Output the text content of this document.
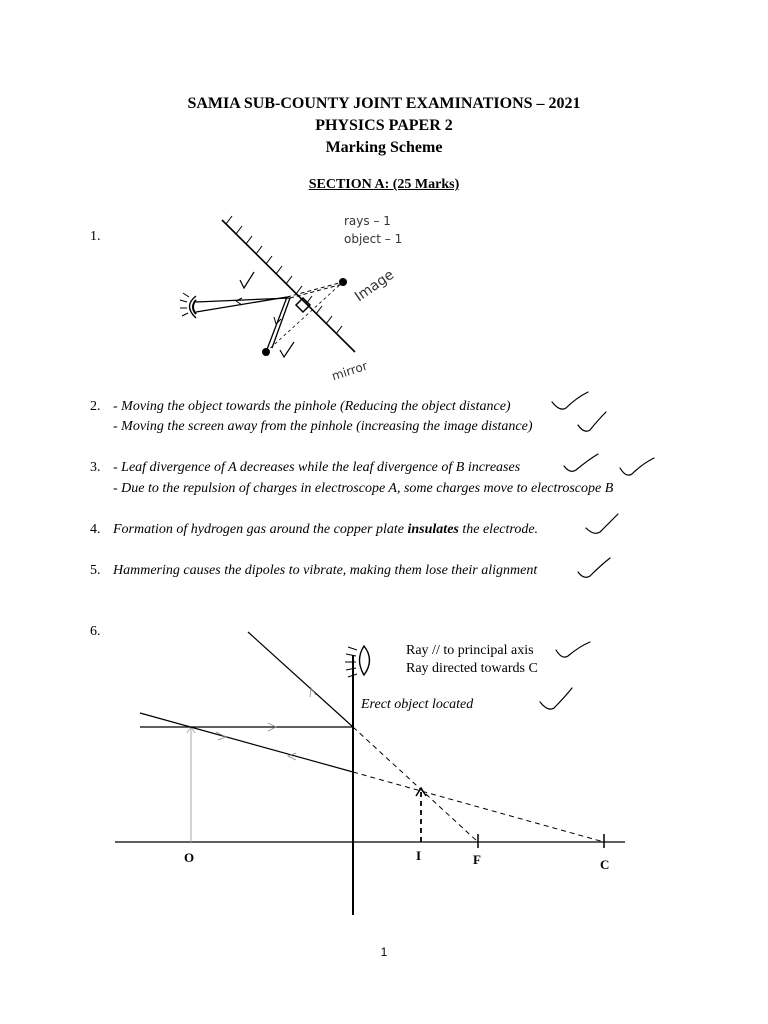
SAMIA SUB-COUNTY JOINT EXAMINATIONS – 2021
PHYSICS PAPER 2
Marking Scheme
SECTION A: (25 Marks)
1.
rays – 1
object – 1
Image
mirror
2. - Moving the object towards the pinhole (Reducing the object distance)
- Moving the screen away from the pinhole (increasing the image distance)
3. - Leaf divergence of A decreases while the leaf divergence of B increases
- Due to the repulsion of charges in electroscope A, some charges move to electroscope B
4. Formation of hydrogen gas around the copper plate insulates the electrode.
5. Hammering causes the dipoles to vibrate, making them lose their alignment
6.
Ray // to principal axis
Ray directed towards C
Erect object located
O	I	F	C
1
